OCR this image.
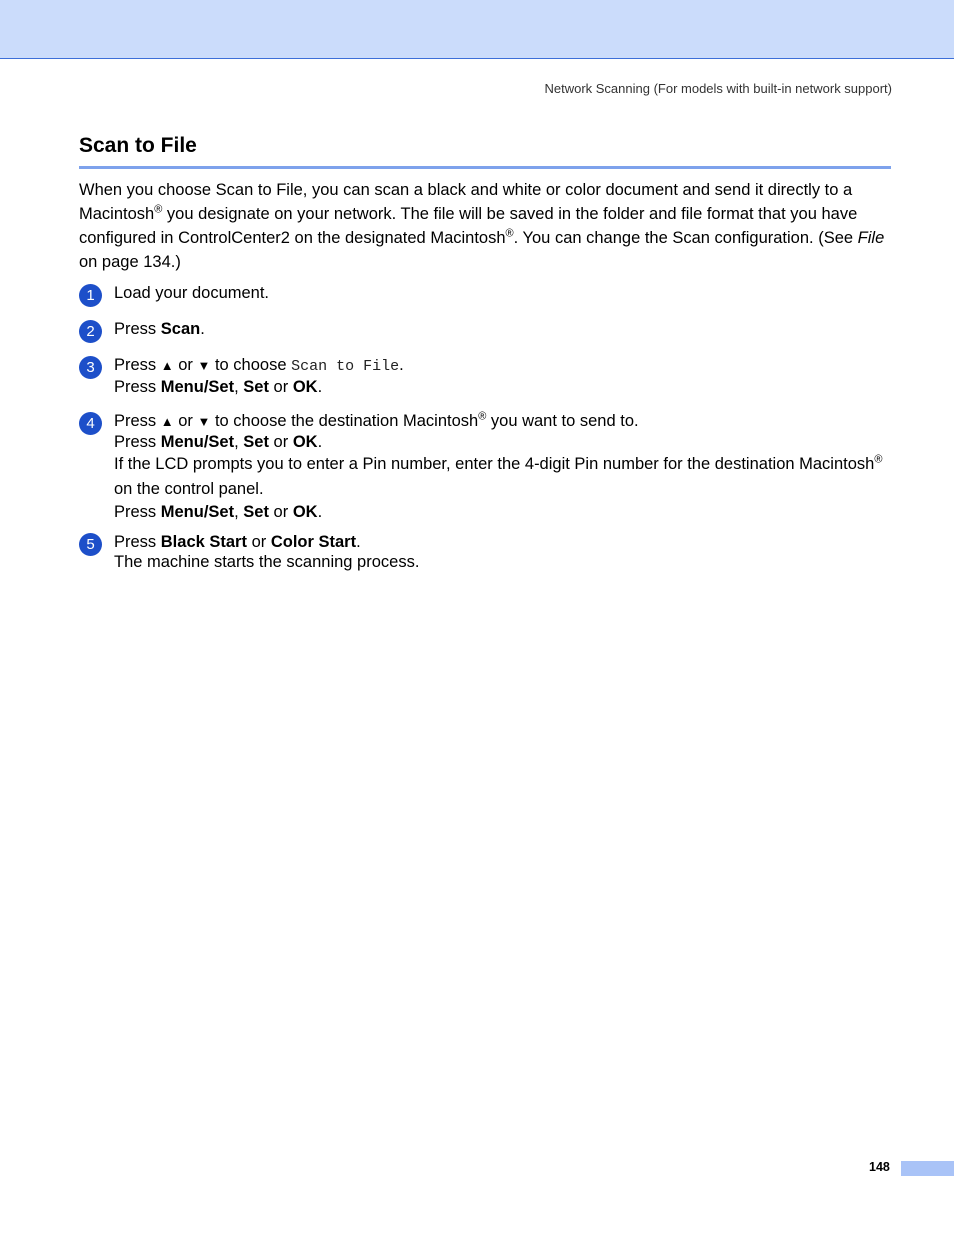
Network Scanning (For models with built-in network support)
Scan to File

When you choose Scan to File, you can scan a black and white or color document and send it directly to a Macintosh® you designate on your network. The file will be saved in the folder and file format that you have configured in ControlCenter2 on the designated Macintosh®. You can change the Scan configuration. (See File on page 134.)

1	Load your document.
2	Press Scan.
3	Press ▲ or ▼ to choose Scan to File.
Press Menu/Set, Set or OK.
4	Press ▲ or ▼ to choose the destination Macintosh® you want to send to.
Press Menu/Set, Set or OK.
If the LCD prompts you to enter a Pin number, enter the 4-digit Pin number for the destination Macintosh® on the control panel.
Press Menu/Set, Set or OK.
5	Press Black Start or Color Start.
The machine starts the scanning process.
148
